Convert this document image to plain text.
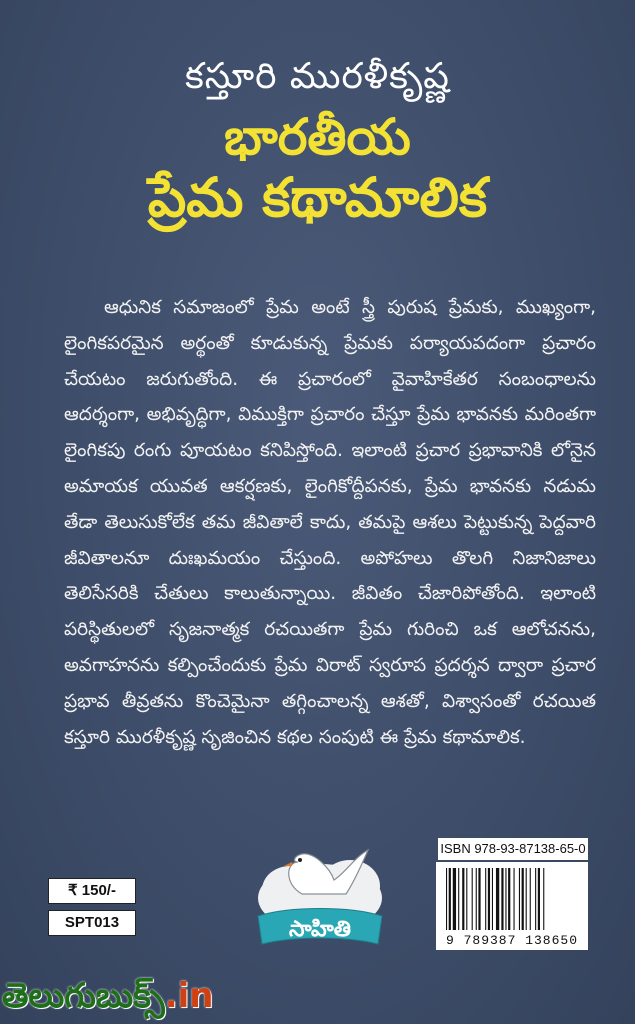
కస్తూరి మురళీకృష్ణ
భారతీయ
ప్రేమ కథామాలిక

ఆధునిక సమాజంలో ప్రేమ అంటే స్త్రీ పురుష ప్రేమకు, ముఖ్యంగా, లైంగికపరమైన అర్థంతో కూడుకున్న ప్రేమకు పర్యాయపదంగా ప్రచారం చేయటం జరుగుతోంది. ఈ ప్రచారంలో వైవాహికేతర సంబంధాలను ఆదర్శంగా, అభివృద్ధిగా, విముక్తిగా ప్రచారం చేస్తూ ప్రేమ భావనకు మరింతగా లైంగికపు రంగు పూయటం కనిపిస్తోంది. ఇలాంటి ప్రచార ప్రభావానికి లోనైన అమాయక యువత ఆకర్షణకు, లైంగికోద్దీపనకు, ప్రేమ భావనకు నడుమ తేడా తెలుసుకోలేక తమ జీవితాలే కాదు, తమపై ఆశలు పెట్టుకున్న పెద్దవారి జీవితాలనూ దుఃఖమయం చేస్తుంది. అపోహలు తొలగి నిజానిజాలు తెలిసేసరికి చేతులు కాలుతున్నాయి. జీవితం చేజారిపోతోంది. ఇలాంటి పరిస్థితులలో సృజనాత్మక రచయితగా ప్రేమ గురించి ఒక ఆలోచనను, అవగాహనను కల్పించేందుకు ప్రేమ విరాట్ స్వరూప ప్రదర్శన ద్వారా ప్రచార ప్రభావ తీవ్రతను కొంచెమైనా తగ్గించాలన్న ఆశతో, విశ్వాసంతో రచయిత కస్తూరి మురళీకృష్ణ సృజించిన కథల సంపుటి ఈ ప్రేమ కథామాలిక.

సాహితి
₹ 150/-
SPT013
ISBN 978-93-87138-65-0
9 789387 138650
తెలుగుబుక్స్.in
